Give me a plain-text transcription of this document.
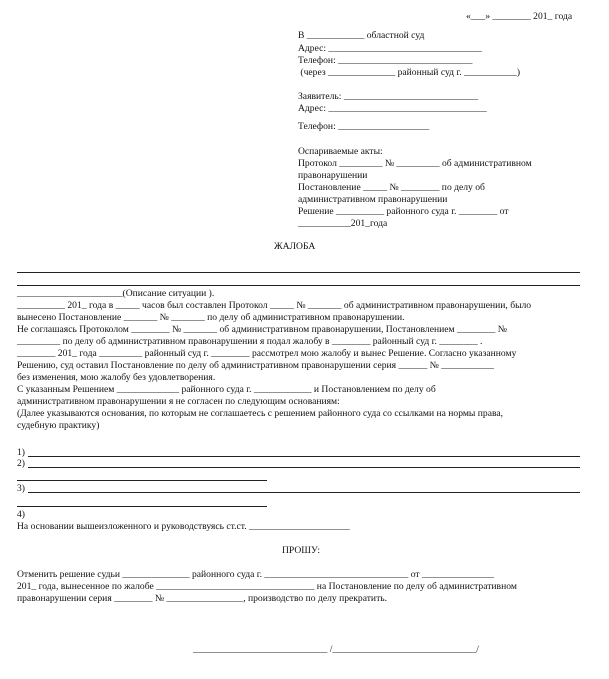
«___» ________ 201_ года
В ____________ областной суд
Адрес: ________________________________
Телефон: ____________________________
(через ______________ районный суд г. ___________)
Заявитель: ____________________________
Адрес: _________________________________
Телефон: ___________________
Оспариваемые акты:
Протокол _________ № _________ об административном
правонарушении
Постановление _____ № ________ по делу об
административном правонарушении
Решение __________ районного суда г. ________ от
___________201_года
ЖАЛОБА
______________________(Описание ситуации ).
__________ 201_ года в _____ часов был составлен Протокол _____ № _______ об административном правонарушении, было
вынесено Постановление _______ № _______ по делу об административном правонарушении.
Не соглашаясь Протоколом ________ № _______ об административном правонарушении, Постановлением ________ №
_________ по делу об административном правонарушении я подал жалобу в ________ районный суд г. ________ .
________ 201_ года _________ районный суд г. ________ рассмотрел мою жалобу и вынес Решение. Согласно указанному
Решению, суд оставил Постановление по делу об административном правонарушении серия ______ № ___________
без изменения, мою жалобу без удовлетворения.
С указанным Решением _____________ районного суда г. ____________ и Постановлением по делу об
административном правонарушении я не согласен по следующим основаниям:
(Далее указываются основания, по которым не соглашаетесь с решением районного суда со ссылками на нормы права,
судебную практику)
1)
2)
3)
4)
На основании вышеизложенного и руководствуясь ст.ст. _____________________
ПРОШУ:
Отменить решение судьи ______________ районного суда г. ______________________________ от _______________
201_ года, вынесенное по жалобе _________________________________ на Постановление по делу об административном
правонарушении серия ________ № ________________, производство по делу прекратить.
____________________________ /______________________________/
